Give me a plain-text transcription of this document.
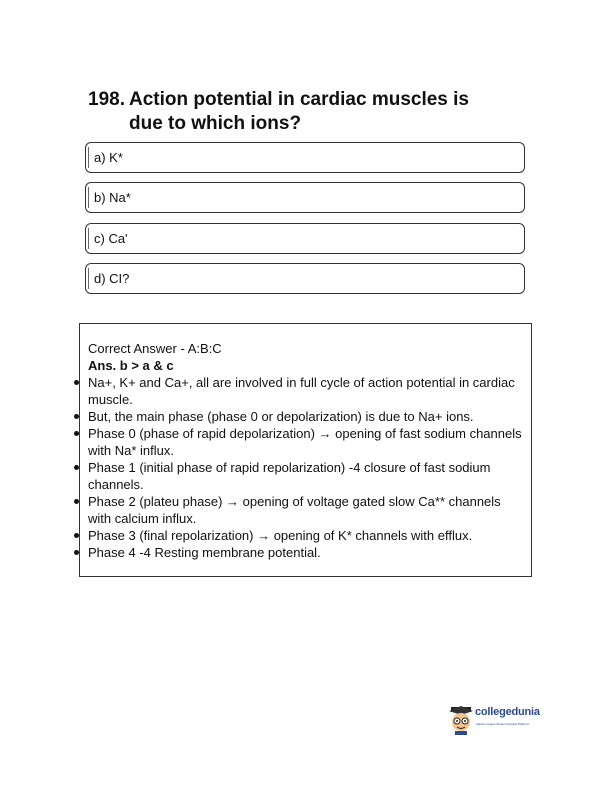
198. Action potential in cardiac muscles is
due to which ions?
a) K*
b) Na*
c) Ca'
d) CI?
Correct Answer - A:B:C
Ans. b > a & c
Na+, K+ and Ca+, all are involved in full cycle of action potential in cardiac muscle.
But, the main phase (phase 0 or depolarization) is due to Na+ ions.
Phase 0 (phase of rapid depolarization) → opening of fast sodium channels with Na* influx.
Phase 1 (initial phase of rapid repolarization) -4 closure of fast sodium channels.
Phase 2 (plateu phase) → opening of voltage gated slow Ca** channels with calcium influx.
Phase 3 (final repolarization) → opening of K* channels with efflux.
Phase 4 -4 Resting membrane potential.
collegedunia
India's Largest Student Review Platform
